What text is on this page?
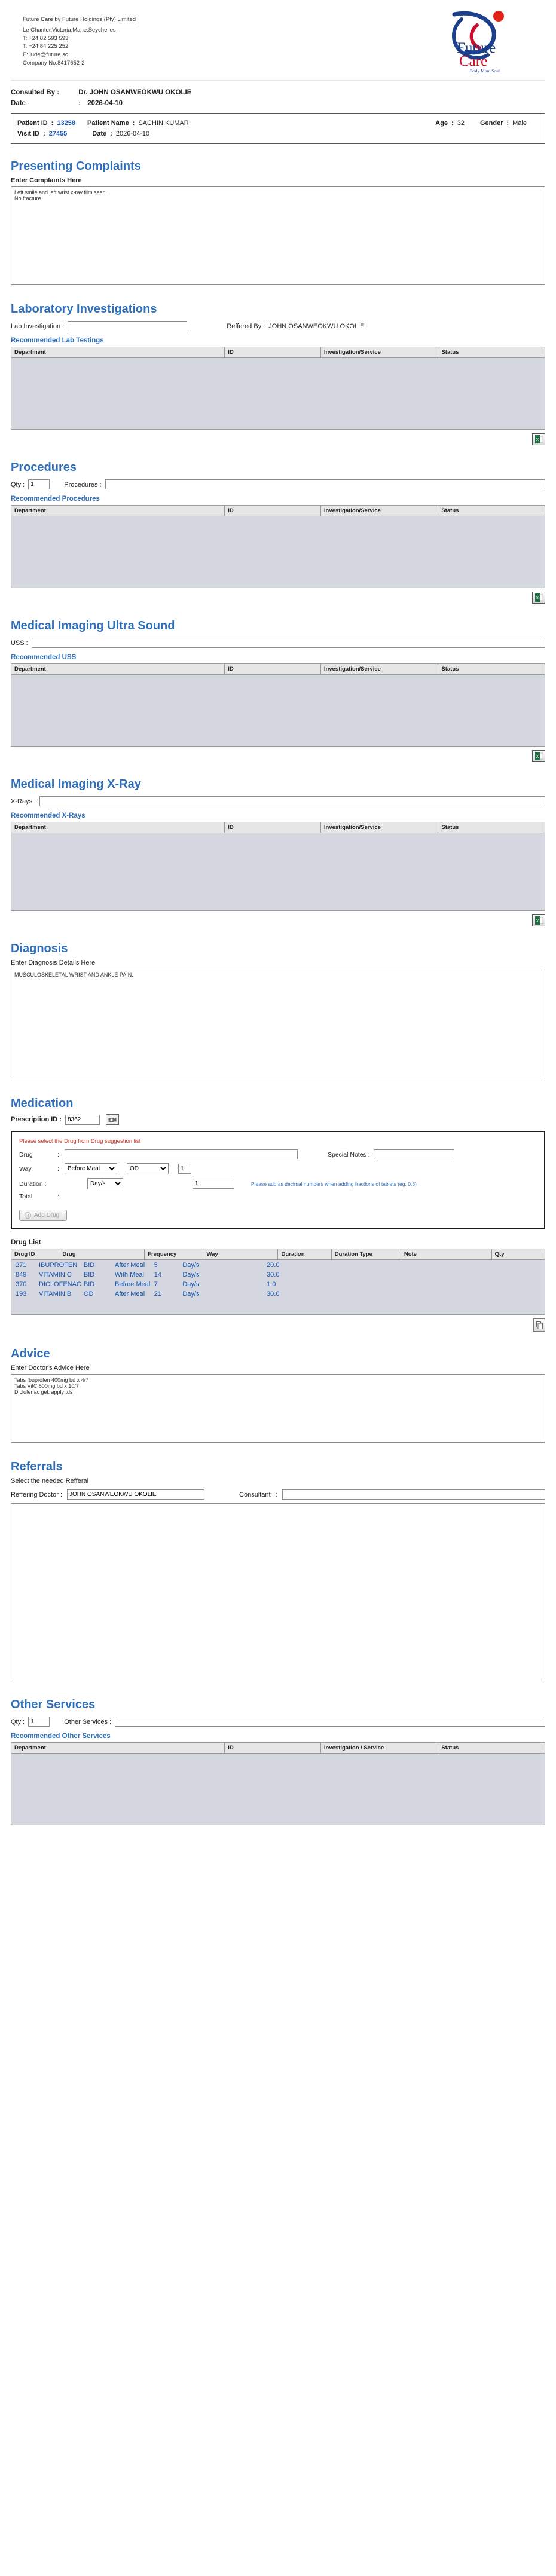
Future Care by Future Holdings (Pty) Limited
Le Chanter,Victoria,Mahe,Seychelles
T: +24 82 593 593
T: +24 84 225 252
E: jude@future.sc
Company No.8417652-2
Future
Care
Body Mind Soul
Consulted By :	Dr. JOHN OSANWEOKWU OKOLIE
Date	: 2026-04-10
Patient ID : 13258 Patient Name : SACHIN KUMAR	Age : 32 Gender : Male
Visit ID : 27455	Date : 2026-04-10
Presenting Complaints
Enter Complaints Here
Left smile and left wrist x-ray film seen. No fracture
Laboratory Investigations
Lab Investigation :	Reffered By : JOHN OSANWEOKWU OKOLIE
Recommended Lab Testings
Department	ID	Investigation/Service	Status

X
Procedures
Qty :
1	Procedures :
Recommended Procedures
Department	ID	Investigation/Service	Status

X
Medical Imaging Ultra Sound
USS :
Recommended USS
Department	ID	Investigation/Service	Status

X
Medical Imaging X-Ray
X-Rays :
Recommended X-Rays
Department	ID	Investigation/Service	Status

X
Diagnosis
Enter Diagnosis Details Here
MUSCULOSKELETAL WRIST AND ANKLE PAIN.
Medication
Prescription ID :
8362
Please select the Drug from Drug suggestion list
Drug	:	Special Notes :
Way	:
Before Meal
OD
1
Duration :
Day/s
1	Please add as decimal numbers when adding fractions of tablets (eg. 0.5)
Total	:
Add Drug
Drug List
Drug ID	Drug	Frequency	Way	Duration	Duration Type	Note	Qty
271	IBUPROFEN	BID	After Meal	5	Day/s		20.0
849	VITAMIN C	BID	With Meal	14	Day/s		30.0
370	DICLOFENAC	BID	Before Meal	7	Day/s		1.0
193	VITAMIN B	OD	After Meal	21	Day/s		30.0
Advice
Enter Doctor's Advice Here
Tabs Ibuprofen 400mg bd x 4/7 Tabs VitC 500mg bd x 10/7 Diclofenac gel, apply tds
Referrals
Select the needed Refferal
Reffering Doctor :
JOHN OSANWEOKWU OKOLIE	Consultant :
Other Services
Qty :
1	Other Services :
Recommended Other Services
Department	ID	Investigation / Service	Status
